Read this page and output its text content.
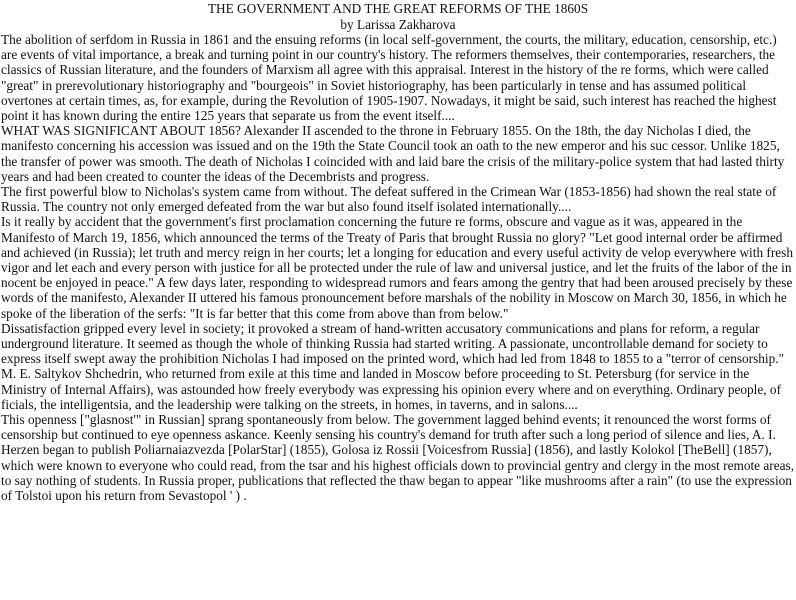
THE GOVERNMENT AND THE GREAT REFORMS OF THE 1860S
by Larissa Zakharova

The abolition of serfdom in Russia in 1861 and the ensuing reforms (in local self-government, the courts, the military, education, censorship, etc.) are events of vital importance, a break and turning point in our country's history. The reformers themselves, their contemporaries, researchers, the classics of Russian literature, and the founders of Marxism all agree with this appraisal. Interest in the history of the re forms, which were called "great" in prerevolutionary historiography and "bourgeois" in Soviet historiography, has been particularly in tense and has assumed political overtones at certain times, as, for example, during the Revolution of 1905-1907. Nowadays, it might be said, such interest has reached the highest point it has known during the entire 125 years that separate us from the event itself....

WHAT WAS SIGNIFICANT ABOUT 1856? Alexander II ascended to the throne in February 1855. On the 18th, the day Nicholas I died, the manifesto concerning his accession was issued and on the 19th the State Council took an oath to the new emperor and his suc cessor. Unlike 1825, the transfer of power was smooth. The death of Nicholas I coincided with and laid bare the crisis of the military-police system that had lasted thirty years and had been created to counter the ideas of the Decembrists and progress.

The first powerful blow to Nicholas's system came from without. The defeat suffered in the Crimean War (1853-1856) had shown the real state of Russia. The country not only emerged defeated from the war but also found itself isolated internationally....

Is it really by accident that the government's first proclamation concerning the future re forms, obscure and vague as it was, appeared in the Manifesto of March 19, 1856, which announced the terms of the Treaty of Paris that brought Russia no glory? "Let good internal order be affirmed and achieved (in Russia); let truth and mercy reign in her courts; let a longing for education and every useful activity de velop everywhere with fresh vigor and let each and every person with justice for all be protected under the rule of law and universal justice, and let the fruits of the labor of the in nocent be enjoyed in peace." A few days later, responding to widespread rumors and fears among the gentry that had been aroused precisely by these words of the manifesto, Alexander II uttered his famous pronouncement before marshals of the nobility in Moscow on March 30, 1856, in which he spoke of the liberation of the serfs: "It is far better that this come from above than from below."

Dissatisfaction gripped every level in society; it provoked a stream of hand-written accusatory communications and plans for reform, a regular underground literature. It seemed as though the whole of thinking Russia had started writing. A passionate, uncontrollable demand for society to express itself swept away the prohibition Nicholas I had imposed on the printed word, which had led from 1848 to 1855 to a "terror of censorship." M. E. Saltykov Shchedrin, who returned from exile at this time and landed in Moscow before proceeding to St. Petersburg (for service in the Ministry of Internal Affairs), was astounded how freely everybody was expressing his opinion every where and on everything. Ordinary people, of ficials, the intelligentsia, and the leadership were talking on the streets, in homes, in taverns, and in salons....

This openness ["glasnost'" in Russian] sprang spontaneously from below. The government lagged behind events; it renounced the worst forms of censorship but continued to eye openness askance. Keenly sensing his country's demand for truth after such a long period of silence and lies, A. I. Herzen began to publish Poliarnaiazvezda [PolarStar] (1855), Golosa iz Rossii [Voicesfrom Russia] (1856), and lastly Kolokol [TheBell] (1857), which were known to everyone who could read, from the tsar and his highest officials down to provincial gentry and clergy in the most remote areas, to say nothing of students. In Russia proper, publications that reflected the thaw began to appear "like mushrooms after a rain" (to use the expression of Tolstoi upon his return from Sevastopol ' ) .
